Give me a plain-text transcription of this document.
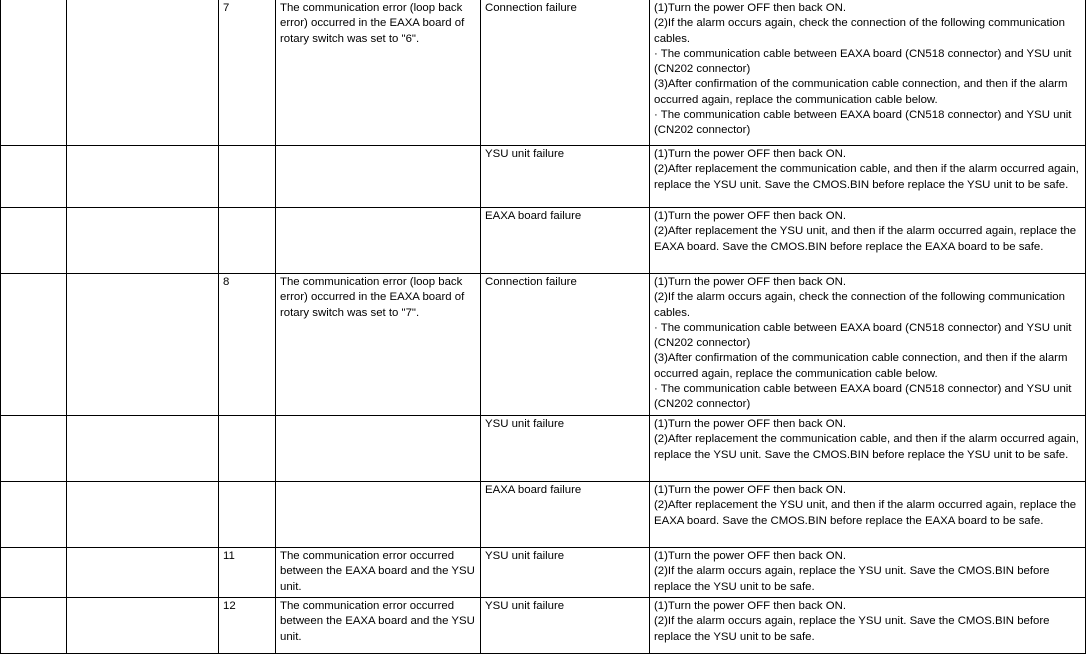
		7	The communication error (loop back error) occurred in the EAXA board of rotary switch was set to "6".	Connection failure	(1)Turn the power OFF then back ON.
(2)If the alarm occurs again, check the connection of the following communication cables.
· The communication cable between EAXA board (CN518 connector) and YSU unit (CN202 connector)
(3)After confirmation of the communication cable connection, and then if the alarm occurred again, replace the communication cable below.
· The communication cable between EAXA board (CN518 connector) and YSU unit (CN202 connector)

				YSU unit failure	(1)Turn the power OFF then back ON.
(2)After replacement the communication cable, and then if the alarm occurred again, replace the YSU unit. Save the CMOS.BIN before replace the YSU unit to be safe.

				EAXA board failure	(1)Turn the power OFF then back ON.
(2)After replacement the YSU unit, and then if the alarm occurred again, replace the EAXA board. Save the CMOS.BIN before replace the EAXA board to be safe.

		8	The communication error (loop back error) occurred in the EAXA board of rotary switch was set to "7".	Connection failure	(1)Turn the power OFF then back ON.
(2)If the alarm occurs again, check the connection of the following communication cables.
· The communication cable between EAXA board (CN518 connector) and YSU unit (CN202 connector)
(3)After confirmation of the communication cable connection, and then if the alarm occurred again, replace the communication cable below.
· The communication cable between EAXA board (CN518 connector) and YSU unit (CN202 connector)

				YSU unit failure	(1)Turn the power OFF then back ON.
(2)After replacement the communication cable, and then if the alarm occurred again, replace the YSU unit. Save the CMOS.BIN before replace the YSU unit to be safe.

				EAXA board failure	(1)Turn the power OFF then back ON.
(2)After replacement the YSU unit, and then if the alarm occurred again, replace the EAXA board. Save the CMOS.BIN before replace the EAXA board to be safe.

		11	The communication error occurred between the EAXA board and the YSU unit.	YSU unit failure	(1)Turn the power OFF then back ON.
(2)If the alarm occurs again, replace the YSU unit. Save the CMOS.BIN before replace the YSU unit to be safe.

		12	The communication error occurred between the EAXA board and the YSU unit.	YSU unit failure	(1)Turn the power OFF then back ON.
(2)If the alarm occurs again, replace the YSU unit. Save the CMOS.BIN before replace the YSU unit to be safe.
